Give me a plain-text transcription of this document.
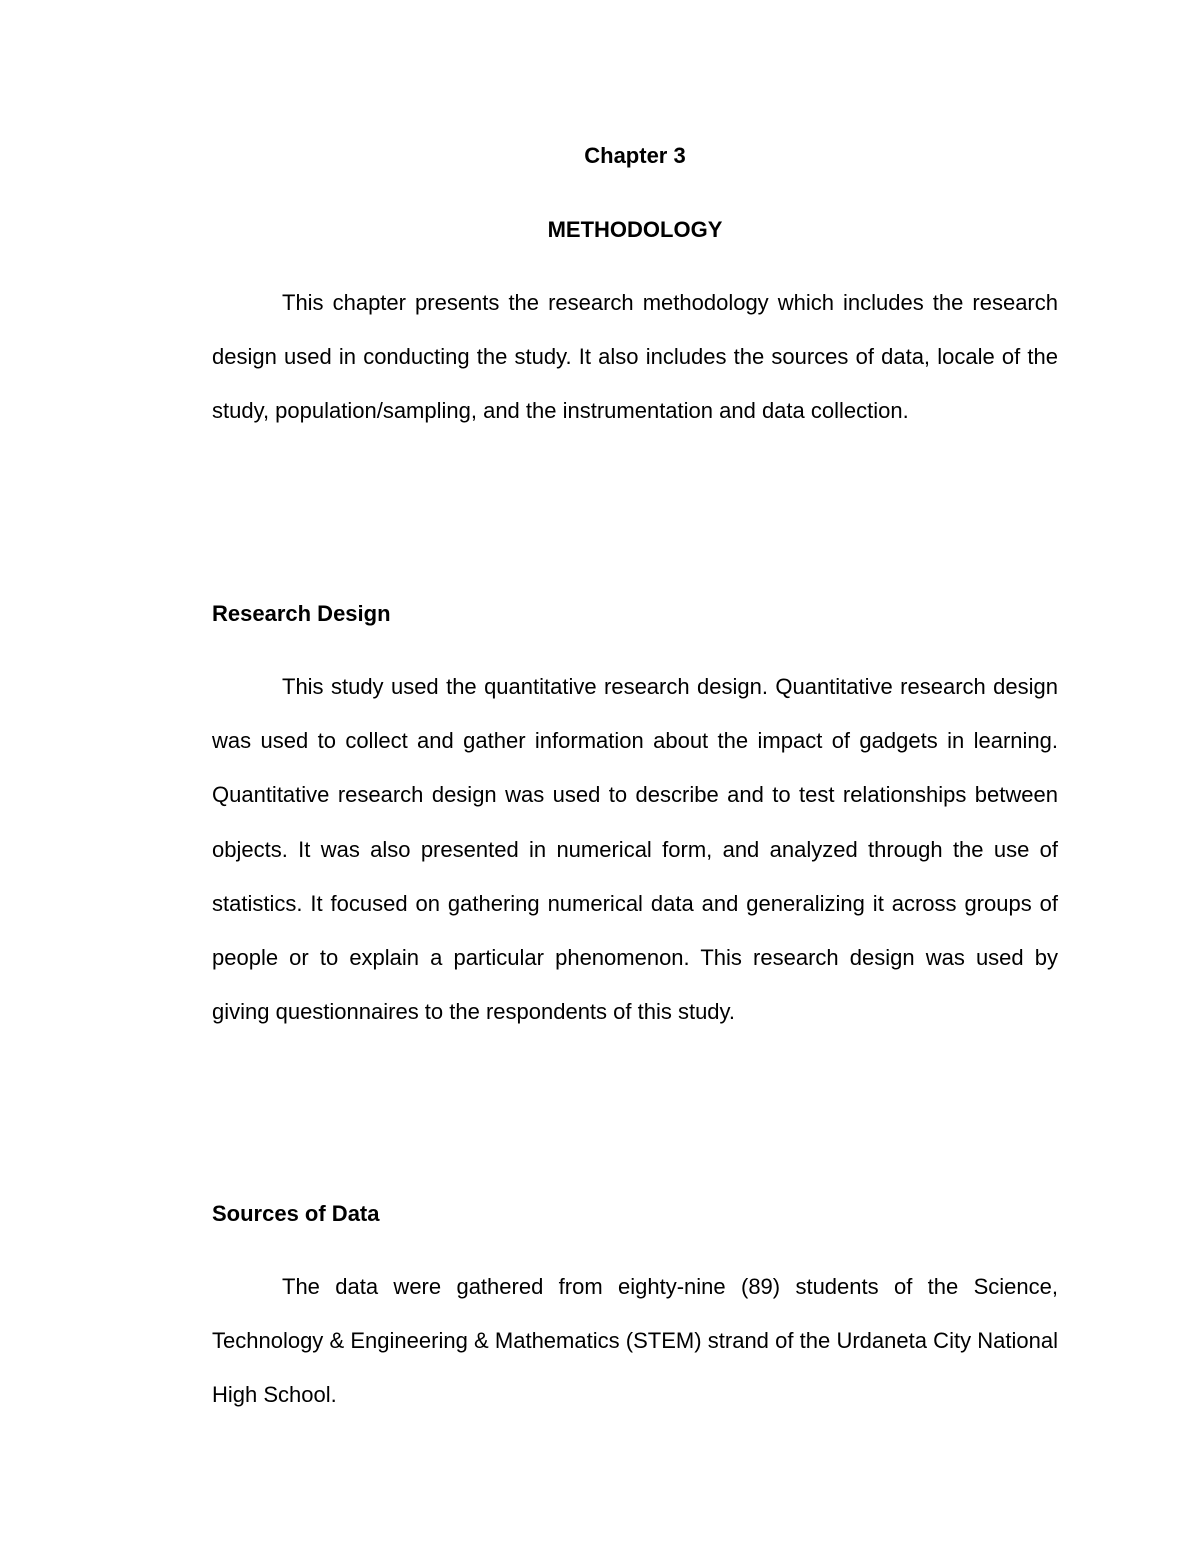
Chapter 3
METHODOLOGY

This chapter presents the research methodology which includes the research design used in conducting the study. It also includes the sources of data, locale of the study, population/sampling, and the instrumentation and data collection.

Research Design

This study used the quantitative research design. Quantitative research design was used to collect and gather information about the impact of gadgets in learning. Quantitative research design was used to describe and to test relationships between objects. It was also presented in numerical form, and analyzed through the use of statistics. It focused on gathering numerical data and generalizing it across groups of people or to explain a particular phenomenon. This research design was used by giving questionnaires to the respondents of this study.

Sources of Data

The data were gathered from eighty-nine (89) students of the Science, Technology & Engineering & Mathematics (STEM) strand of the Urdaneta City National High School.
